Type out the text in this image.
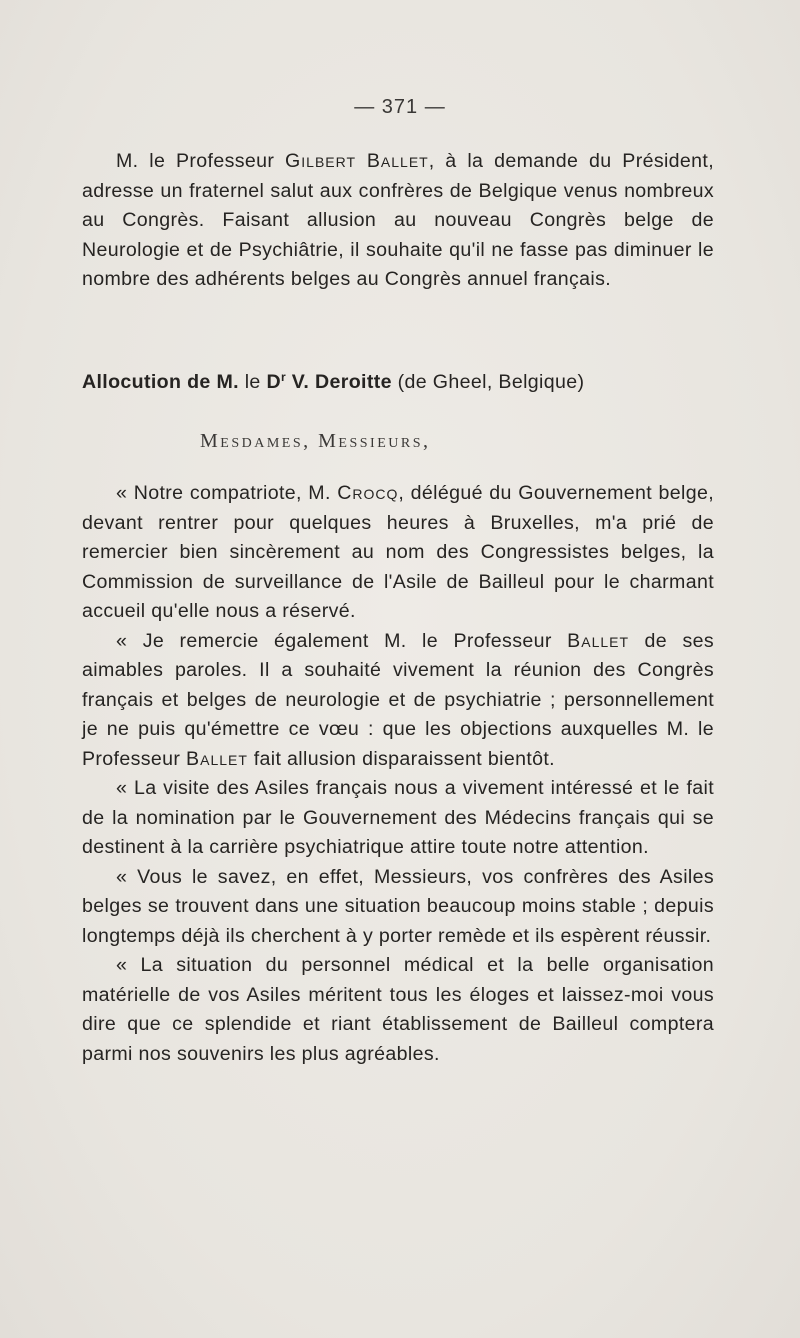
— 371 —

M. le Professeur Gilbert Ballet, à la demande du Président, adresse un fraternel salut aux confrères de Belgique venus nombreux au Congrès. Faisant allusion au nouveau Congrès belge de Neurologie et de Psychiâtrie, il souhaite qu'il ne fasse pas diminuer le nombre des adhérents belges au Congrès annuel français.

Allocution de M. le $D^r$ V. Deroitte (de Gheel, Belgique)
Mesdames, Messieurs,

« Notre compatriote, M. Crocq, délégué du Gouvernement belge, devant rentrer pour quelques heures à Bruxelles, m'a prié de remercier bien sincèrement au nom des Congressistes belges, la Commission de surveillance de l'Asile de Bailleul pour le charmant accueil qu'elle nous a réservé.

« Je remercie également M. le Professeur Ballet de ses aimables paroles. Il a souhaité vivement la réunion des Congrès français et belges de neurologie et de psychiatrie ; personnellement je ne puis qu'émettre ce vœu : que les objections auxquelles M. le Professeur Ballet fait allusion disparaissent bientôt.

« La visite des Asiles français nous a vivement intéressé et le fait de la nomination par le Gouvernement des Médecins français qui se destinent à la carrière psychiatrique attire toute notre attention.

« Vous le savez, en effet, Messieurs, vos confrères des Asiles belges se trouvent dans une situation beaucoup moins stable ; depuis longtemps déjà ils cherchent à y porter remède et ils espèrent réussir.

« La situation du personnel médical et la belle organisation matérielle de vos Asiles méritent tous les éloges et laissez-moi vous dire que ce splendide et riant établissement de Bailleul comptera parmi nos souvenirs les plus agréables.
